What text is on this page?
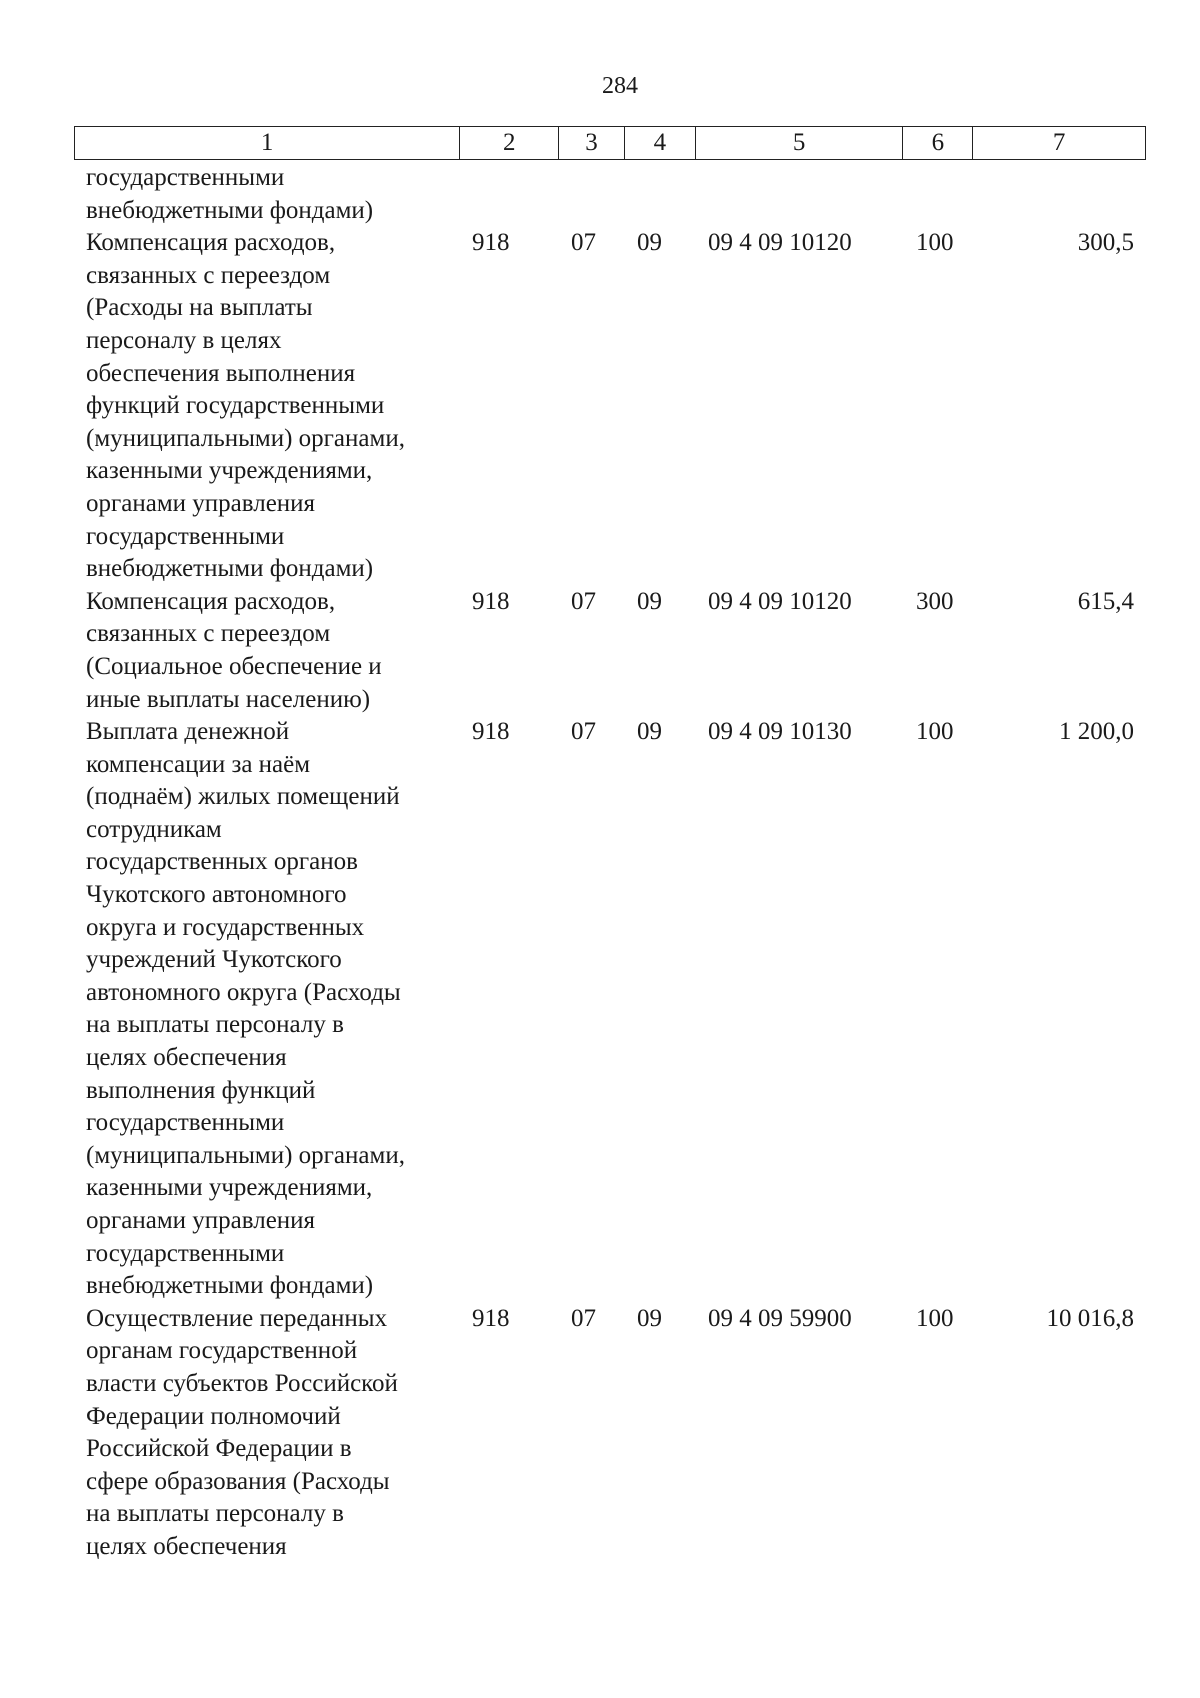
284
1	2	3	4	5	6	7
государственными
внебюджетными фондами)
Компенсация расходов,
связанных с переездом
(Расходы на выплаты
персоналу в целях
обеспечения выполнения
функций государственными
(муниципальными) органами,
казенными учреждениями,
органами управления
государственными
внебюджетными фондами)
918	07	09	09 4 09 10120	100	300,5
Компенсация расходов,
связанных с переездом
(Социальное обеспечение и
иные выплаты населению)
918	07	09	09 4 09 10120	300	615,4
Выплата денежной
компенсации за наём
(поднаём) жилых помещений
сотрудникам
государственных органов
Чукотского автономного
округа и государственных
учреждений Чукотского
автономного округа (Расходы
на выплаты персоналу в
целях обеспечения
выполнения функций
государственными
(муниципальными) органами,
казенными учреждениями,
органами управления
государственными
внебюджетными фондами)
918	07	09	09 4 09 10130	100	1 200,0
Осуществление переданных
органам государственной
власти субъектов Российской
Федерации полномочий
Российской Федерации в
сфере образования (Расходы
на выплаты персоналу в
целях обеспечения
918	07	09	09 4 09 59900	100	10 016,8
